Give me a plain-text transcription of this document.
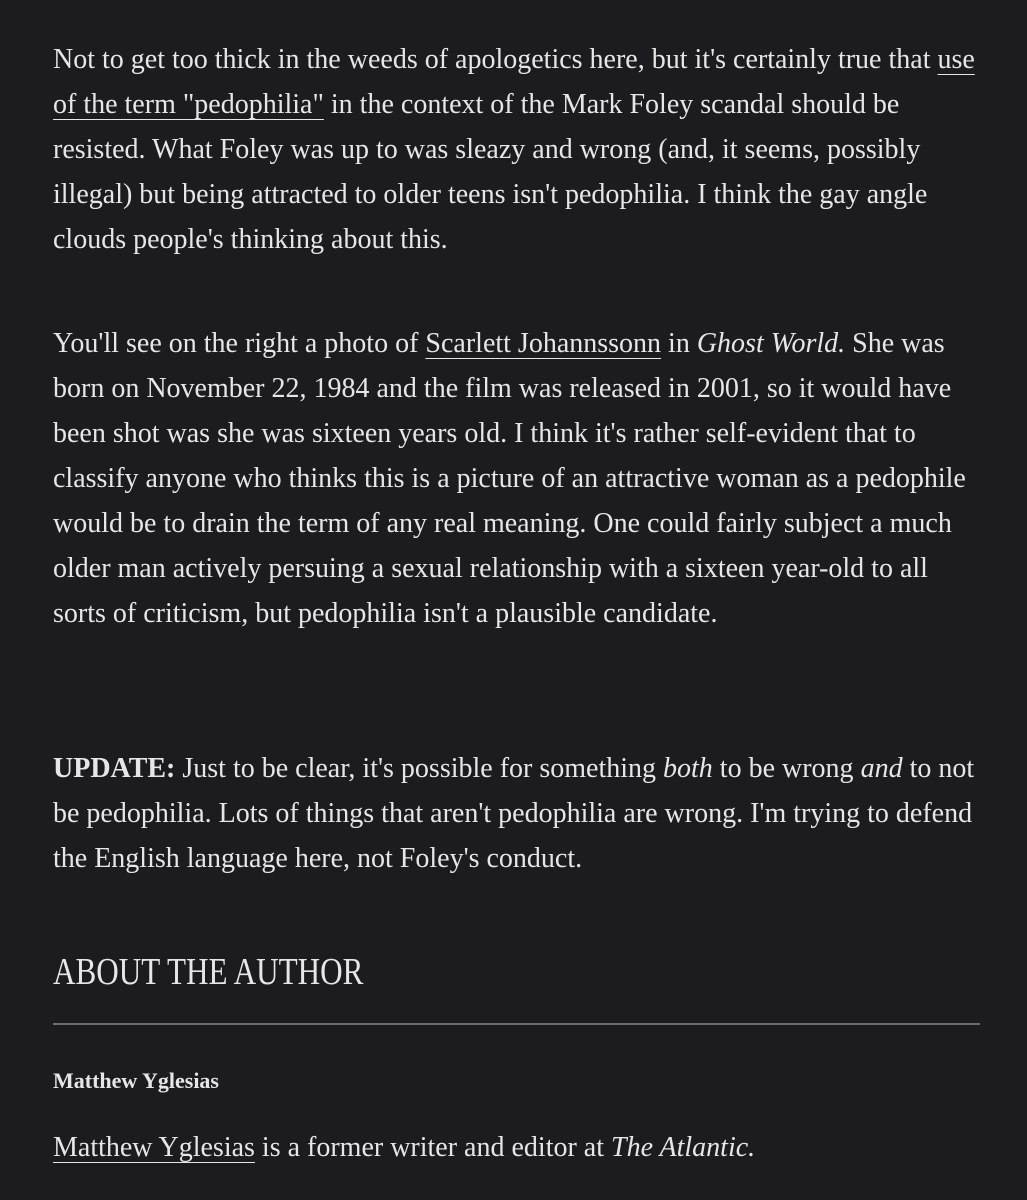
Not to get too thick in the weeds of apologetics here, but it's certainly true that use of the term "pedophilia" in the context of the Mark Foley scandal should be resisted. What Foley was up to was sleazy and wrong (and, it seems, possibly illegal) but being attracted to older teens isn't pedophilia. I think the gay angle clouds people's thinking about this.

You'll see on the right a photo of Scarlett Johannssonn in Ghost World. She was born on November 22, 1984 and the film was released in 2001, so it would have been shot was she was sixteen years old. I think it's rather self-evident that to classify anyone who thinks this is a picture of an attractive woman as a pedophile would be to drain the term of any real meaning. One could fairly subject a much older man actively persuing a sexual relationship with a sixteen year-old to all sorts of criticism, but pedophilia isn't a plausible candidate.

UPDATE: Just to be clear, it's possible for something both to be wrong and to not be pedophilia. Lots of things that aren't pedophilia are wrong. I'm trying to defend the English language here, not Foley's conduct.

ABOUT THE AUTHOR
Matthew Yglesias
Matthew Yglesias is a former writer and editor at The Atlantic.
